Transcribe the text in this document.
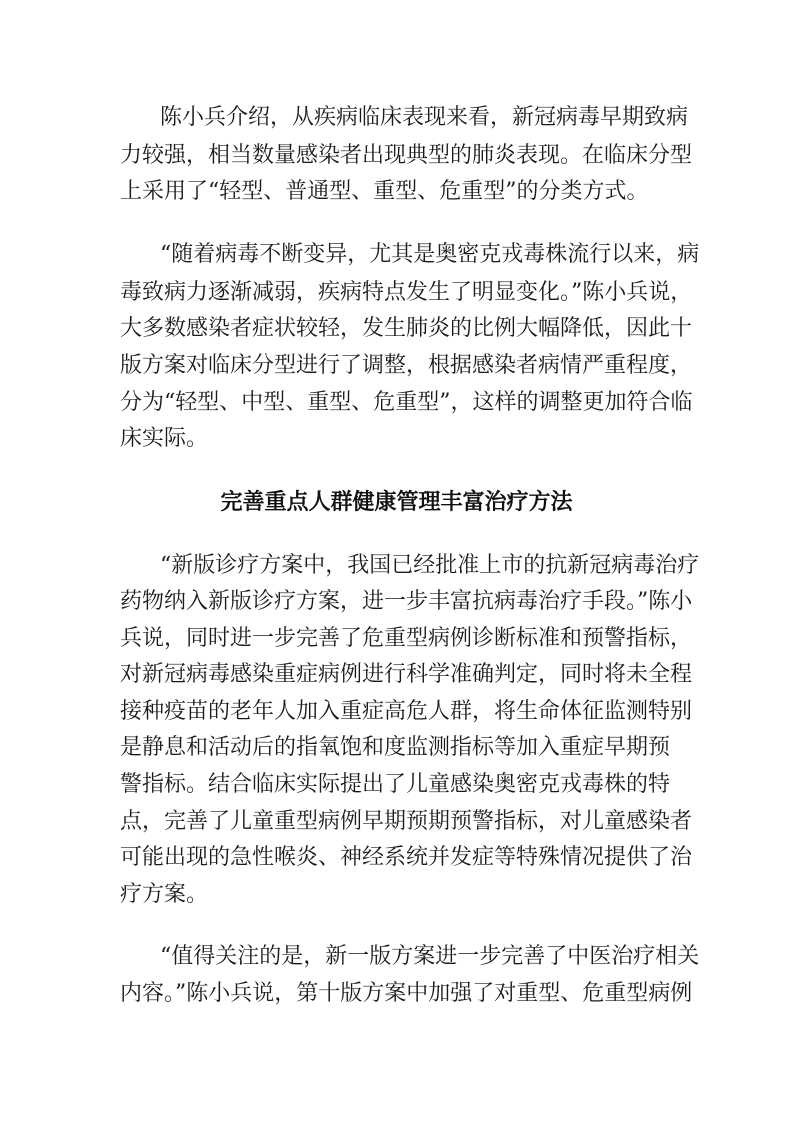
陈小兵介绍，从疾病临床表现来看，新冠病毒早期致病
力较强，相当数量感染者出现典型的肺炎表现。在临床分型
上采用了“轻型、普通型、重型、危重型”的分类方式。
“随着病毒不断变异，尤其是奥密克戎毒株流行以来，病
毒致病力逐渐减弱，疾病特点发生了明显变化。”陈小兵说，
大多数感染者症状较轻，发生肺炎的比例大幅降低，因此十
版方案对临床分型进行了调整，根据感染者病情严重程度，
分为“轻型、中型、重型、危重型”，这样的调整更加符合临
床实际。
完善重点人群健康管理丰富治疗方法
“新版诊疗方案中，我国已经批准上市的抗新冠病毒治疗
药物纳入新版诊疗方案，进一步丰富抗病毒治疗手段。”陈小
兵说，同时进一步完善了危重型病例诊断标准和预警指标，
对新冠病毒感染重症病例进行科学准确判定，同时将未全程
接种疫苗的老年人加入重症高危人群，将生命体征监测特别
是静息和活动后的指氧饱和度监测指标等加入重症早期预
警指标。结合临床实际提出了儿童感染奥密克戎毒株的特
点，完善了儿童重型病例早期预期预警指标，对儿童感染者
可能出现的急性喉炎、神经系统并发症等特殊情况提供了治
疗方案。
“值得关注的是，新一版方案进一步完善了中医治疗相关
内容。”陈小兵说，第十版方案中加强了对重型、危重型病例
